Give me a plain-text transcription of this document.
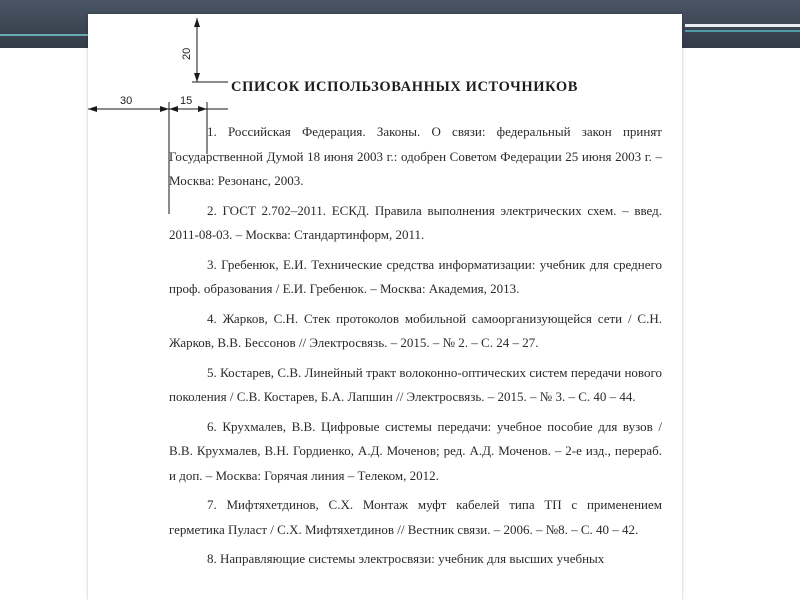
20
30	15
СПИСОК ИСПОЛЬЗОВАННЫХ ИСТОЧНИКОВ
1. Российская Федерация. Законы. О связи: федеральный закон принят Государственной Думой 18 июня 2003 г.: одобрен Советом Федерации 25 июня 2003 г. – Москва: Резонанс, 2003.
2. ГОСТ 2.702–2011. ЕСКД. Правила выполнения электрических схем. – введ. 2011-08-03. – Москва: Стандартинформ, 2011.
3. Гребенюк, Е.И. Технические средства информатизации: учебник для среднего проф. образования / Е.И. Гребенюк. – Москва: Академия, 2013.
4. Жарков, С.Н. Стек протоколов мобильной самоорганизующейся сети / С.Н. Жарков, В.В. Бессонов // Электросвязь. – 2015. – № 2. – С. 24 – 27.
5. Костарев, С.В. Линейный тракт волоконно-оптических систем передачи нового поколения / С.В. Костарев, Б.А. Лапшин // Электросвязь. – 2015. – № 3. – С. 40 – 44.
6. Крухмалев, В.В. Цифровые системы передачи: учебное пособие для вузов / В.В. Крухмалев, В.Н. Гордиенко, А.Д. Моченов; ред. А.Д. Моченов. – 2-е изд., перераб. и доп. – Москва: Горячая линия – Телеком, 2012.
7. Мифтяхетдинов, С.Х. Монтаж муфт кабелей типа ТП с применением герметика Пуласт / С.Х. Мифтяхетдинов // Вестник связи. – 2006. – №8. – С. 40 – 42.
8. Направляющие системы электросвязи: учебник для высших учебных
